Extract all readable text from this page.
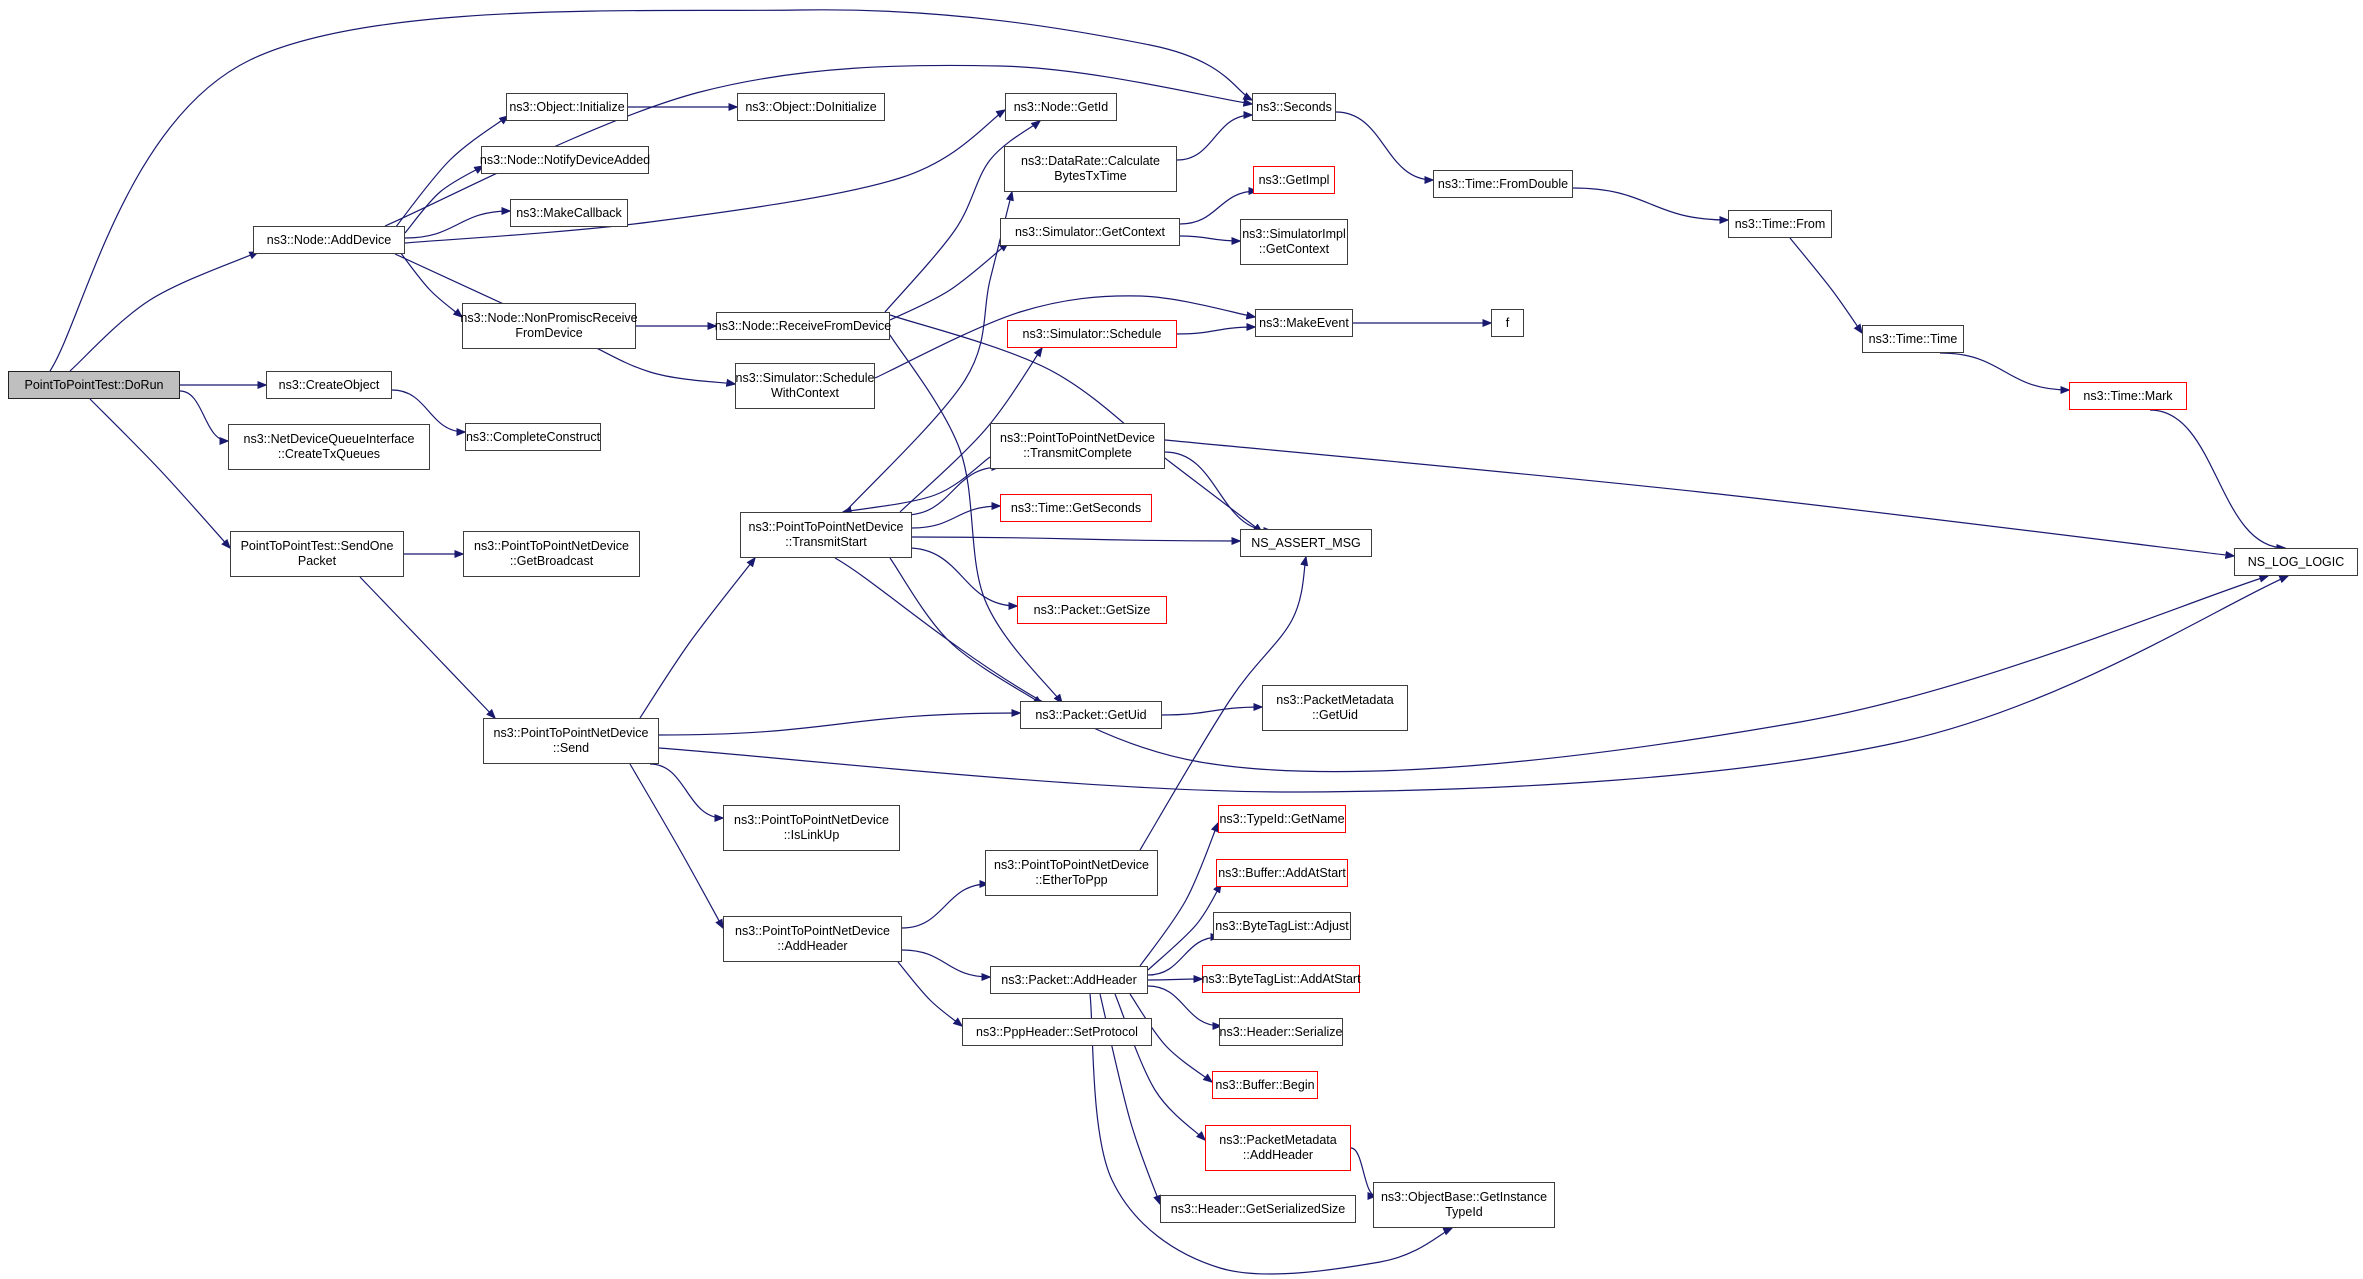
PointToPointTest::DoRun
ns3::Node::AddDevice
ns3::CreateObject
ns3::NetDeviceQueueInterface
::CreateTxQueues
PointToPointTest::SendOne
Packet
ns3::Object::Initialize
ns3::Node::NotifyDeviceAdded
ns3::MakeCallback
ns3::Node::NonPromiscReceive
FromDevice
ns3::CompleteConstruct
ns3::PointToPointNetDevice
::GetBroadcast
ns3::PointToPointNetDevice
::Send
ns3::Object::DoInitialize
ns3::Node::ReceiveFromDevice
ns3::Simulator::Schedule
WithContext
ns3::PointToPointNetDevice
::TransmitStart
ns3::PointToPointNetDevice
::IsLinkUp
ns3::PointToPointNetDevice
::AddHeader
ns3::Node::GetId
ns3::DataRate::Calculate
BytesTxTime
ns3::Simulator::GetContext
ns3::Simulator::Schedule
ns3::PointToPointNetDevice
::TransmitComplete
ns3::Time::GetSeconds
ns3::Packet::GetSize
ns3::Packet::GetUid
ns3::PointToPointNetDevice
::EtherToPpp
ns3::Packet::AddHeader
ns3::PppHeader::SetProtocol
ns3::Seconds
ns3::GetImpl
ns3::SimulatorImpl
::GetContext
ns3::MakeEvent	f
NS_ASSERT_MSG
ns3::PacketMetadata
::GetUid
ns3::TypeId::GetName
ns3::Buffer::AddAtStart
ns3::ByteTagList::Adjust
ns3::ByteTagList::AddAtStart
ns3::Header::Serialize
ns3::Buffer::Begin
ns3::PacketMetadata
::AddHeader
ns3::Header::GetSerializedSize
ns3::ObjectBase::GetInstance
TypeId
ns3::Time::FromDouble
ns3::Time::From
ns3::Time::Time
ns3::Time::Mark
NS_LOG_LOGIC
